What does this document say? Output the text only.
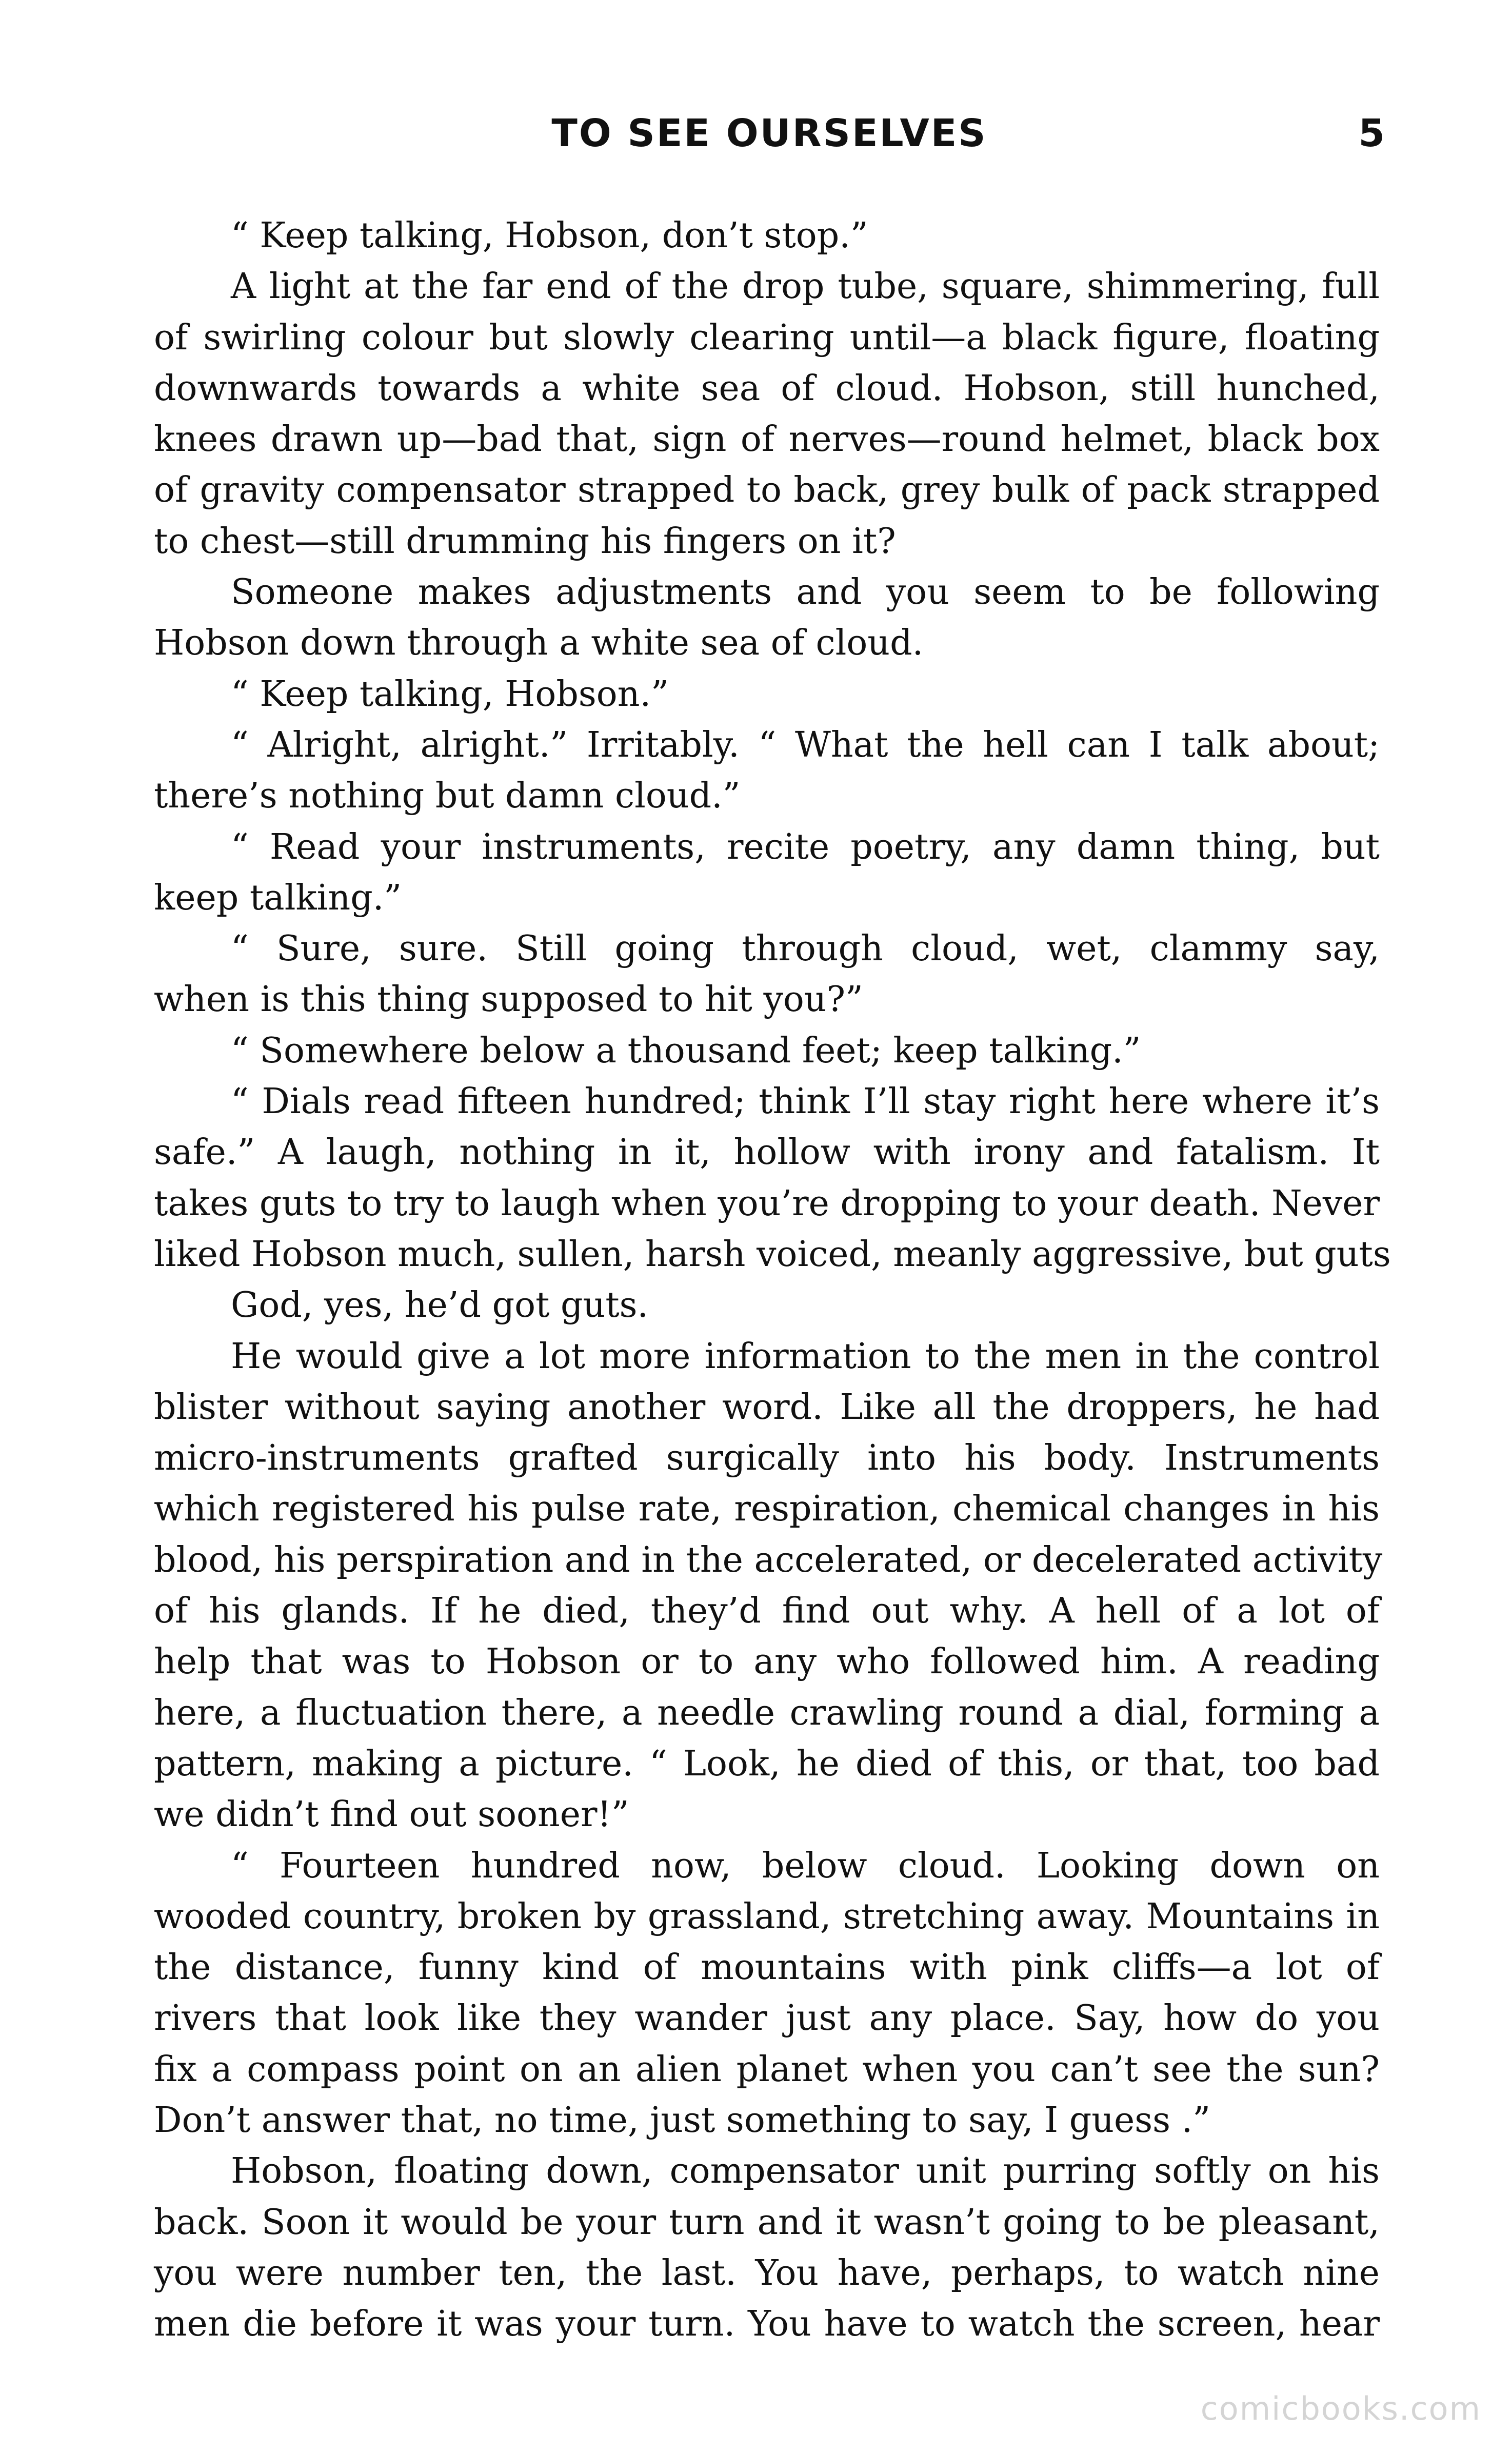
TO SEE OURSELVES	5
“ Keep talking, Hobson, don’t stop.”
A light at the far end of the drop tube, square, shimmering, full
of swirling colour but slowly clearing until—a black figure, floating
downwards towards a white sea of cloud. Hobson, still hunched,
knees drawn up—bad that, sign of nerves—round helmet, black box
of gravity compensator strapped to back, grey bulk of pack strapped
to chest—still drumming his fingers on it?
Someone makes adjustments and you seem to be following
Hobson down through a white sea of cloud.
“ Keep talking, Hobson.”
“ Alright, alright.” Irritably. “ What the hell can I talk about;
there’s nothing but damn cloud.”
“ Read your instruments, recite poetry, any damn thing, but
keep talking.”
“ Sure, sure. Still going through cloud, wet, clammy say,
when is this thing supposed to hit you?”
“ Somewhere below a thousand feet; keep talking.”
“ Dials read fifteen hundred; think I’ll stay right here where it’s
safe.” A laugh, nothing in it, hollow with irony and fatalism. It
takes guts to try to laugh when you’re dropping to your death. Never
liked Hobson much, sullen, harsh voiced, meanly aggressive, but guts
God, yes, he’d got guts.
He would give a lot more information to the men in the control
blister without saying another word. Like all the droppers, he had
micro-instruments grafted surgically into his body. Instruments
which registered his pulse rate, respiration, chemical changes in his
blood, his perspiration and in the accelerated, or decelerated activity
of his glands. If he died, they’d find out why. A hell of a lot of
help that was to Hobson or to any who followed him. A reading
here, a fluctuation there, a needle crawling round a dial, forming a
pattern, making a picture. “ Look, he died of this, or that, too bad
we didn’t find out sooner!”
“ Fourteen hundred now, below cloud. Looking down on
wooded country, broken by grassland, stretching away. Mountains in
the distance, funny kind of mountains with pink cliffs—a lot of
rivers that look like they wander just any place. Say, how do you
fix a compass point on an alien planet when you can’t see the sun?
Don’t answer that, no time, just something to say, I guess .”
Hobson, floating down, compensator unit purring softly on his
back. Soon it would be your turn and it wasn’t going to be pleasant,
you were number ten, the last. You have, perhaps, to watch nine
men die before it was your turn. You have to watch the screen, hear
comicbooks.com
